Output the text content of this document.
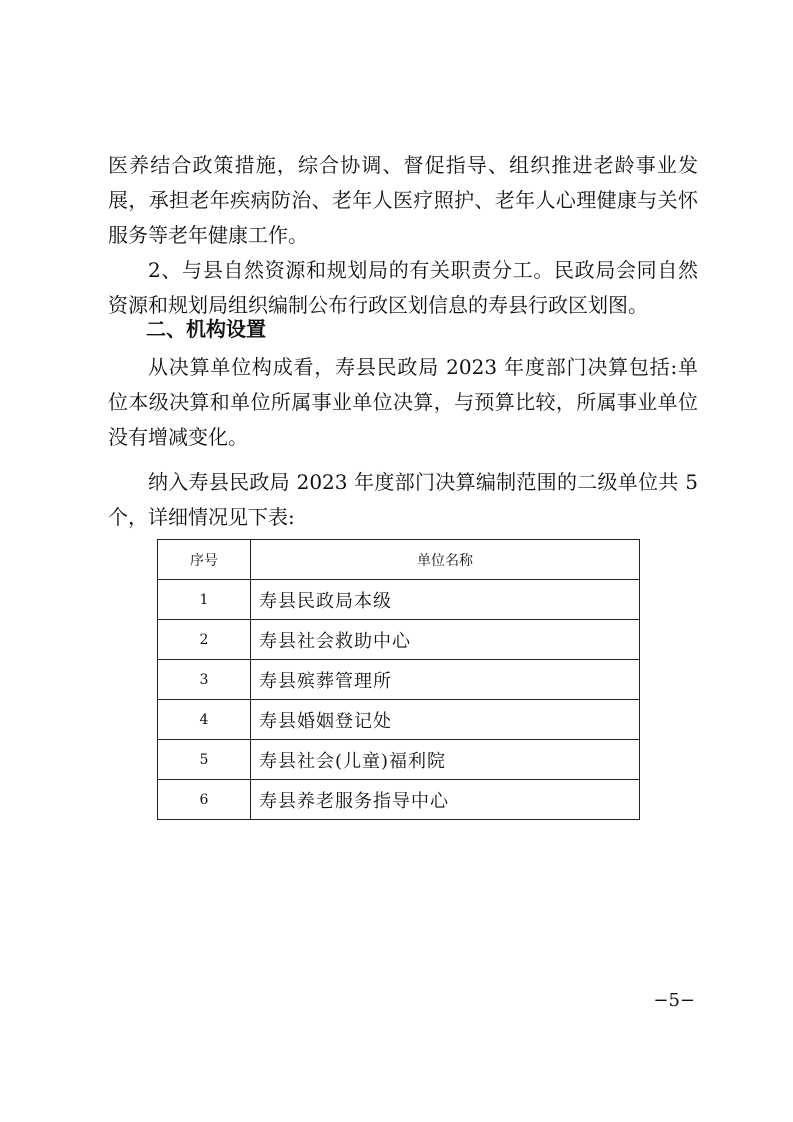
医养结合政策措施，综合协调、督促指导、组织推进老龄事业发展，承担老年疾病防治、老年人医疗照护、老年人心理健康与关怀服务等老年健康工作。

2、与县自然资源和规划局的有关职责分工。民政局会同自然资源和规划局组织编制公布行政区划信息的寿县行政区划图。

二、机构设置

从决算单位构成看，寿县民政局 2023 年度部门决算包括:单位本级决算和单位所属事业单位决算，与预算比较，所属事业单位没有增减变化。

纳入寿县民政局 2023 年度部门决算编制范围的二级单位共 5 个，详细情况见下表:

序号	单位名称
1	寿县民政局本级
2	寿县社会救助中心
3	寿县殡葬管理所
4	寿县婚姻登记处
5	寿县社会(儿童)福利院
6	寿县养老服务指导中心
−5−
